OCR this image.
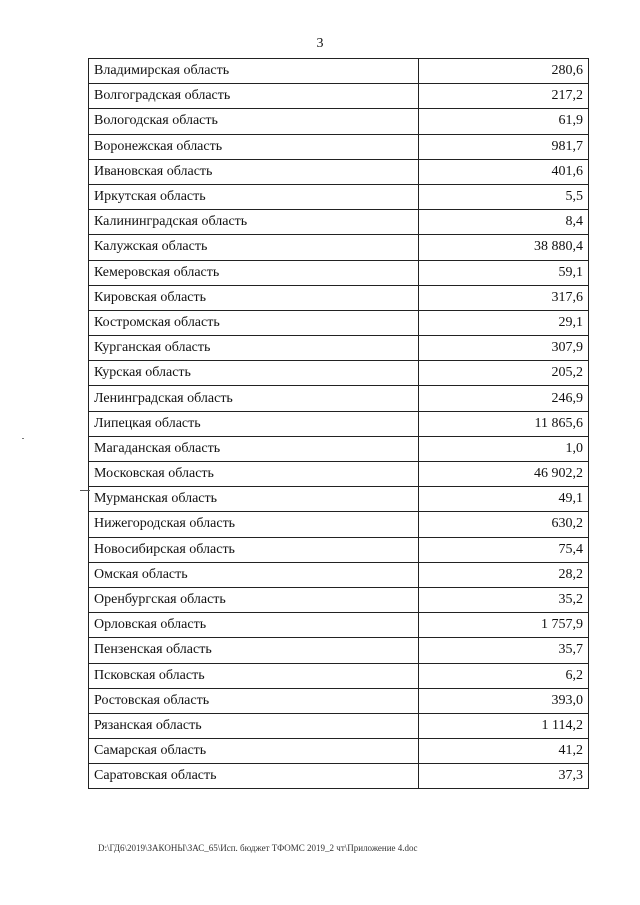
3
Владимирская область	280,6
Волгоградская область	217,2
Вологодская область	61,9
Воронежская область	981,7
Ивановская область	401,6
Иркутская область	5,5
Калининградская область	8,4
Калужская область	38 880,4
Кемеровская область	59,1
Кировская область	317,6
Костромская область	29,1
Курганская область	307,9
Курская область	205,2
Ленинградская область	246,9
Липецкая область	11 865,6
Магаданская область	1,0
Московская область	46 902,2
Мурманская область	49,1
Нижегородская область	630,2
Новосибирская область	75,4
Омская область	28,2
Оренбургская область	35,2
Орловская область	1 757,9
Пензенская область	35,7
Псковская область	6,2
Ростовская область	393,0
Рязанская область	1 114,2
Самарская область	41,2
Саратовская область	37,3
D:\ГД6\2019\ЗАКОНЫ\ЗАС_65\Исп. бюджет ТФОМС 2019_2 чт\Приложение 4.doc
